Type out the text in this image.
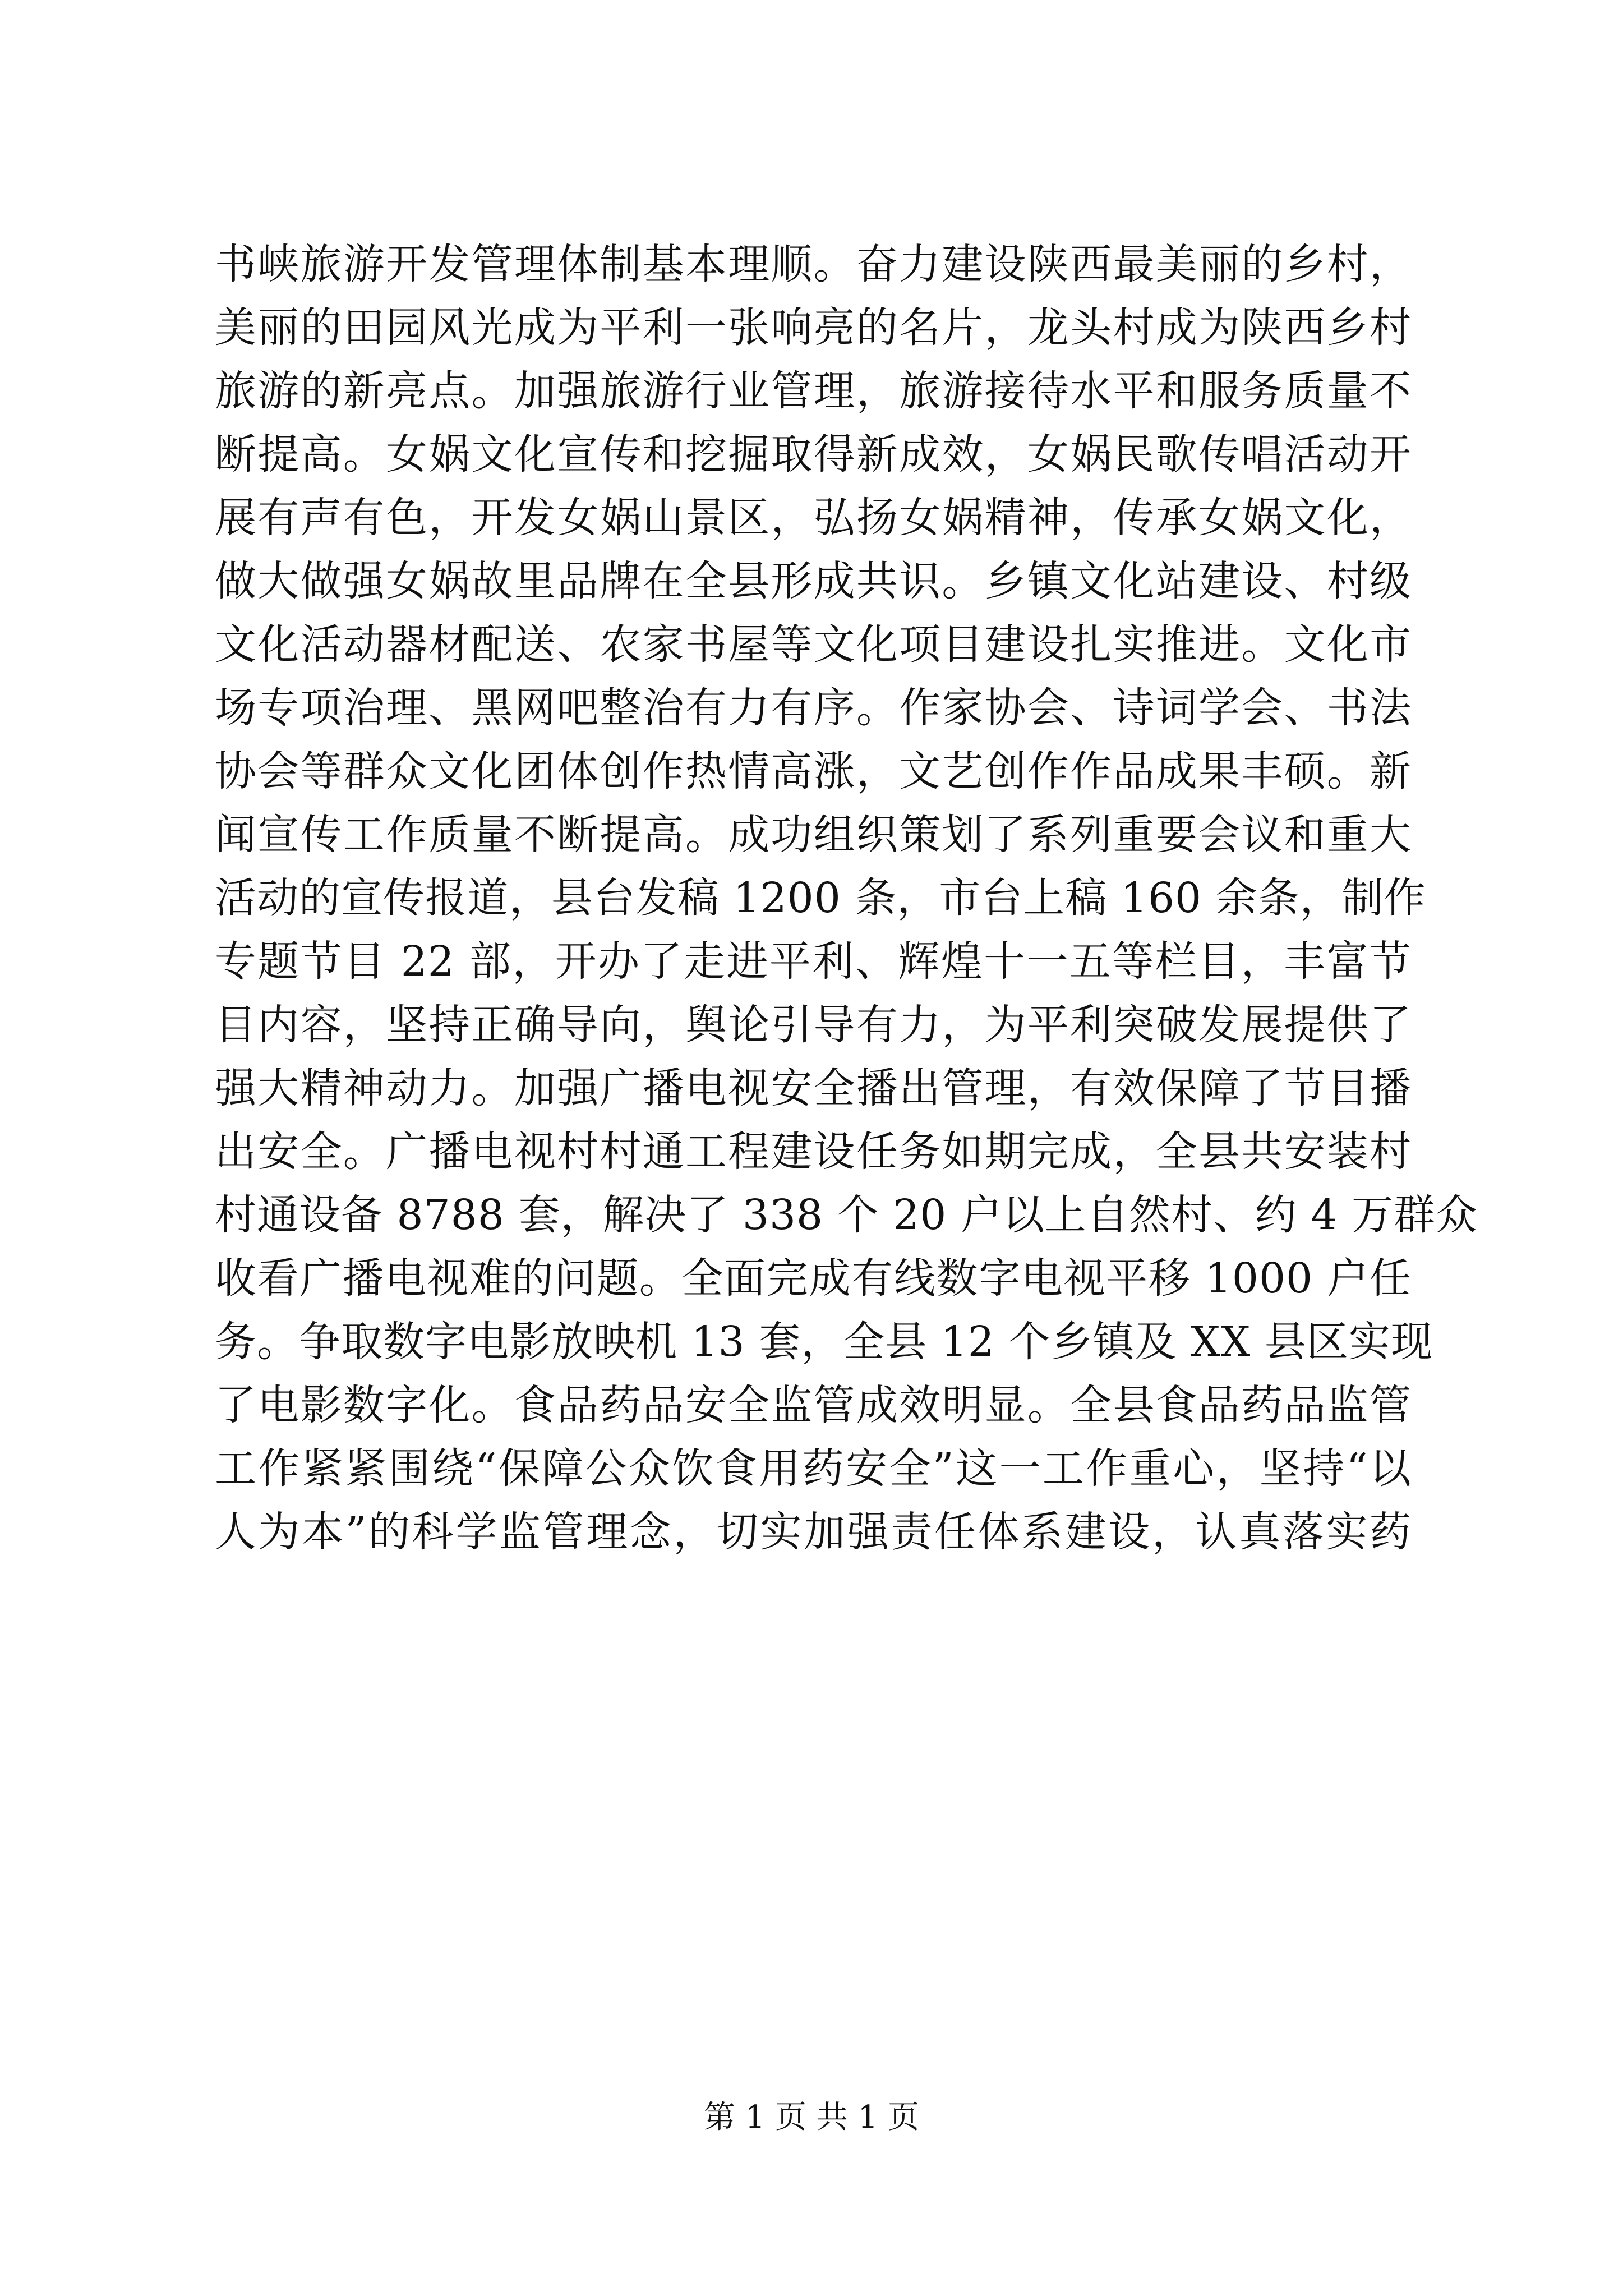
书峡旅游开发管理体制基本理顺。奋力建设陕西最美丽的乡村，
美丽的田园风光成为平利一张响亮的名片，龙头村成为陕西乡村
旅游的新亮点。加强旅游行业管理，旅游接待水平和服务质量不
断提高。女娲文化宣传和挖掘取得新成效，女娲民歌传唱活动开
展有声有色，开发女娲山景区，弘扬女娲精神，传承女娲文化，
做大做强女娲故里品牌在全县形成共识。乡镇文化站建设、村级
文化活动器材配送、农家书屋等文化项目建设扎实推进。文化市
场专项治理、黑网吧整治有力有序。作家协会、诗词学会、书法
协会等群众文化团体创作热情高涨，文艺创作作品成果丰硕。新
闻宣传工作质量不断提高。成功组织策划了系列重要会议和重大
活动的宣传报道，县台发稿 1200 条，市台上稿 160 余条，制作
专题节目 22 部，开办了走进平利、辉煌十一五等栏目，丰富节
目内容，坚持正确导向，舆论引导有力，为平利突破发展提供了
强大精神动力。加强广播电视安全播出管理，有效保障了节目播
出安全。广播电视村村通工程建设任务如期完成，全县共安装村
村通设备 8788 套，解决了 338 个 20 户以上自然村、约 4 万群众
收看广播电视难的问题。全面完成有线数字电视平移 1000 户任
务。争取数字电影放映机 13 套，全县 12 个乡镇及 XX 县区实现
了电影数字化。食品药品安全监管成效明显。全县食品药品监管
工作紧紧围绕“保障公众饮食用药安全”这一工作重心，坚持“以
人为本”的科学监管理念，切实加强责任体系建设，认真落实药
第 1 页 共 1 页
